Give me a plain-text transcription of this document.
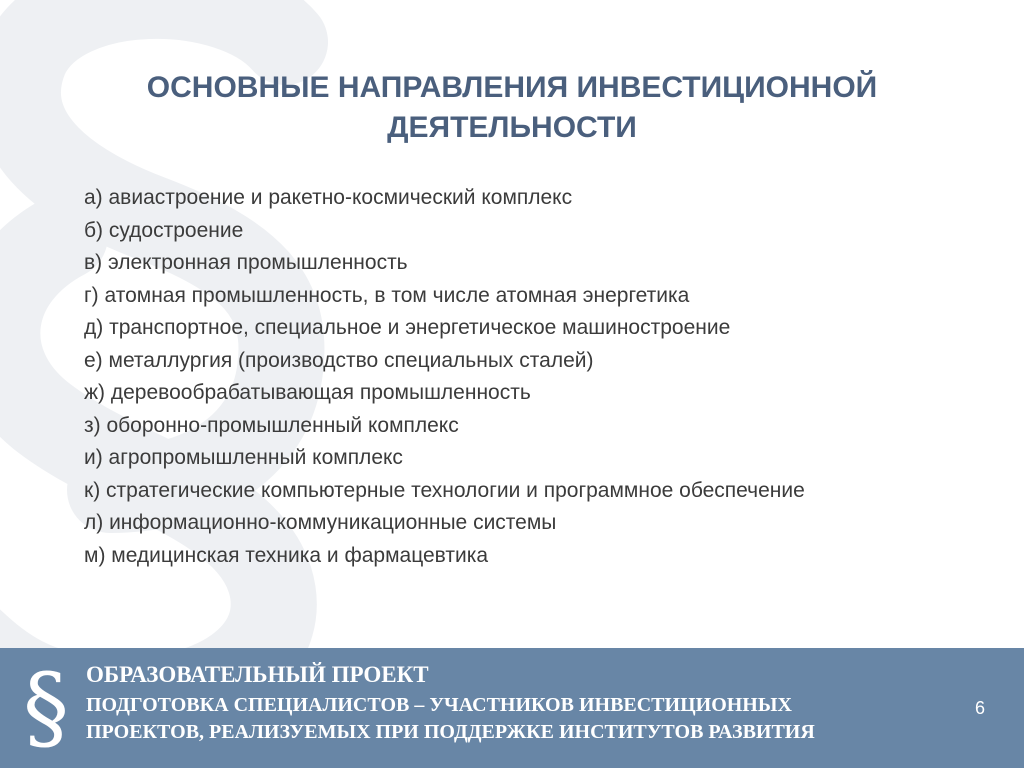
ОСНОВНЫЕ НАПРАВЛЕНИЯ ИНВЕСТИЦИОННОЙ
ДЕЯТЕЛЬНОСТИ
а) авиастроение и ракетно-космический комплекс
б) судостроение
в) электронная промышленность
г) атомная промышленность, в том числе атомная энергетика
д) транспортное, специальное и энергетическое машиностроение
е) металлургия (производство специальных сталей)
ж) деревообрабатывающая промышленность
з) оборонно-промышленный комплекс
и) агропромышленный комплекс
к) стратегические компьютерные технологии и программное обеспечение
л) информационно-коммуникационные системы
м) медицинская техника и фармацевтика
§ ОБРАЗОВАТЕЛЬНЫЙ ПРОЕКТ
ПОДГОТОВКА СПЕЦИАЛИСТОВ – УЧАСТНИКОВ ИНВЕСТИЦИОННЫХ
ПРОЕКТОВ, РЕАЛИЗУЕМЫХ ПРИ ПОДДЕРЖКЕ ИНСТИТУТОВ РАЗВИТИЯ
6
